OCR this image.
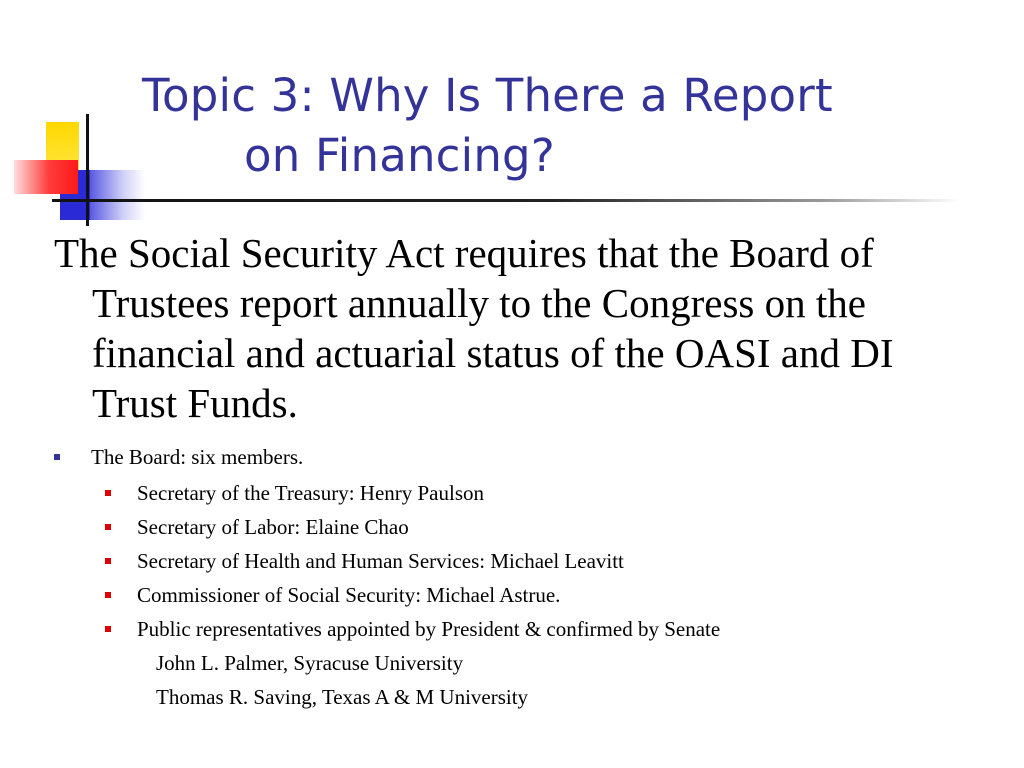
Topic 3: Why Is There a Report
on Financing?

The Social Security Act requires that the Board of Trustees report annually to the Congress on the financial and actuarial status of the OASI and DI Trust Funds.

The Board: six members.
Secretary of the Treasury: Henry Paulson
Secretary of Labor: Elaine Chao
Secretary of Health and Human Services: Michael Leavitt
Commissioner of Social Security: Michael Astrue.
Public representatives appointed by President & confirmed by Senate
John L. Palmer, Syracuse University
Thomas R. Saving, Texas A & M University
